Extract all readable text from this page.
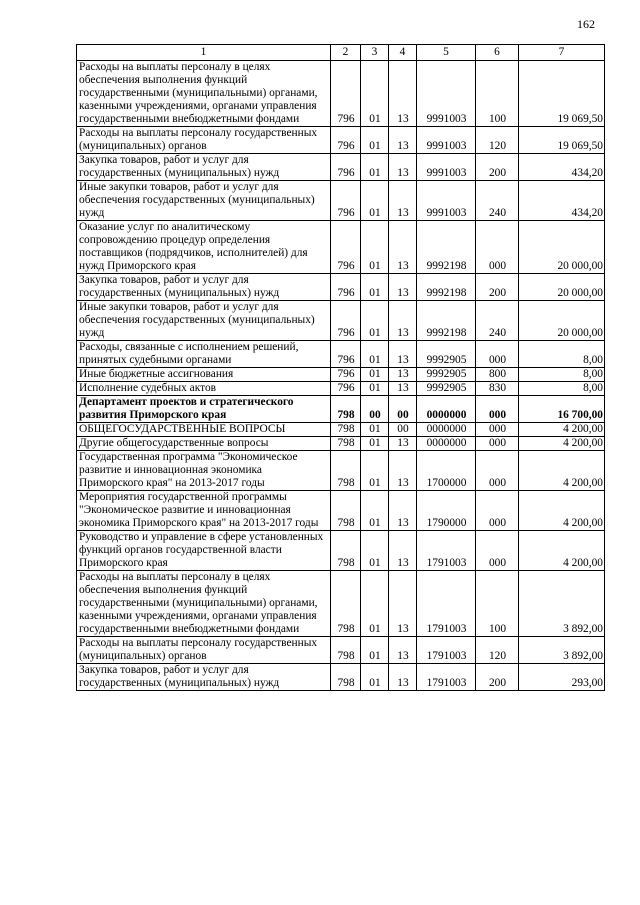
162
1	2	3	4	5	6	7
Расходы на выплаты персоналу в целях обеспечения выполнения функций государственными (муниципальными) органами, казенными учреждениями, органами управления государственными внебюджетными фондами	796	01	13	9991003	100	19 069,50
Расходы на выплаты персоналу государственных (муниципальных) органов	796	01	13	9991003	120	19 069,50
Закупка товаров, работ и услуг для государственных (муниципальных) нужд	796	01	13	9991003	200	434,20
Иные закупки товаров, работ и услуг для обеспечения государственных (муниципальных) нужд	796	01	13	9991003	240	434,20
Оказание услуг по аналитическому сопровождению процедур определения поставщиков (подрядчиков, исполнителей) для нужд Приморского края	796	01	13	9992198	000	20 000,00
Закупка товаров, работ и услуг для государственных (муниципальных) нужд	796	01	13	9992198	200	20 000,00
Иные закупки товаров, работ и услуг для обеспечения государственных (муниципальных) нужд	796	01	13	9992198	240	20 000,00
Расходы, связанные с исполнением решений, принятых судебными органами	796	01	13	9992905	000	8,00
Иные бюджетные ассигнования	796	01	13	9992905	800	8,00
Исполнение судебных актов	796	01	13	9992905	830	8,00
Департамент проектов и стратегического развития Приморского края	798	00	00	0000000	000	16 700,00
ОБЩЕГОСУДАРСТВЕННЫЕ ВОПРОСЫ	798	01	00	0000000	000	4 200,00
Другие общегосударственные вопросы	798	01	13	0000000	000	4 200,00
Государственная программа "Экономическое развитие и инновационная экономика Приморского края" на 2013-2017 годы	798	01	13	1700000	000	4 200,00
Мероприятия государственной программы "Экономическое развитие и инновационная экономика Приморского края" на 2013-2017 годы	798	01	13	1790000	000	4 200,00
Руководство и управление в сфере установленных функций органов государственной власти Приморского края	798	01	13	1791003	000	4 200,00
Расходы на выплаты персоналу в целях обеспечения выполнения функций государственными (муниципальными) органами, казенными учреждениями, органами управления государственными внебюджетными фондами	798	01	13	1791003	100	3 892,00
Расходы на выплаты персоналу государственных (муниципальных) органов	798	01	13	1791003	120	3 892,00
Закупка товаров, работ и услуг для государственных (муниципальных) нужд	798	01	13	1791003	200	293,00
